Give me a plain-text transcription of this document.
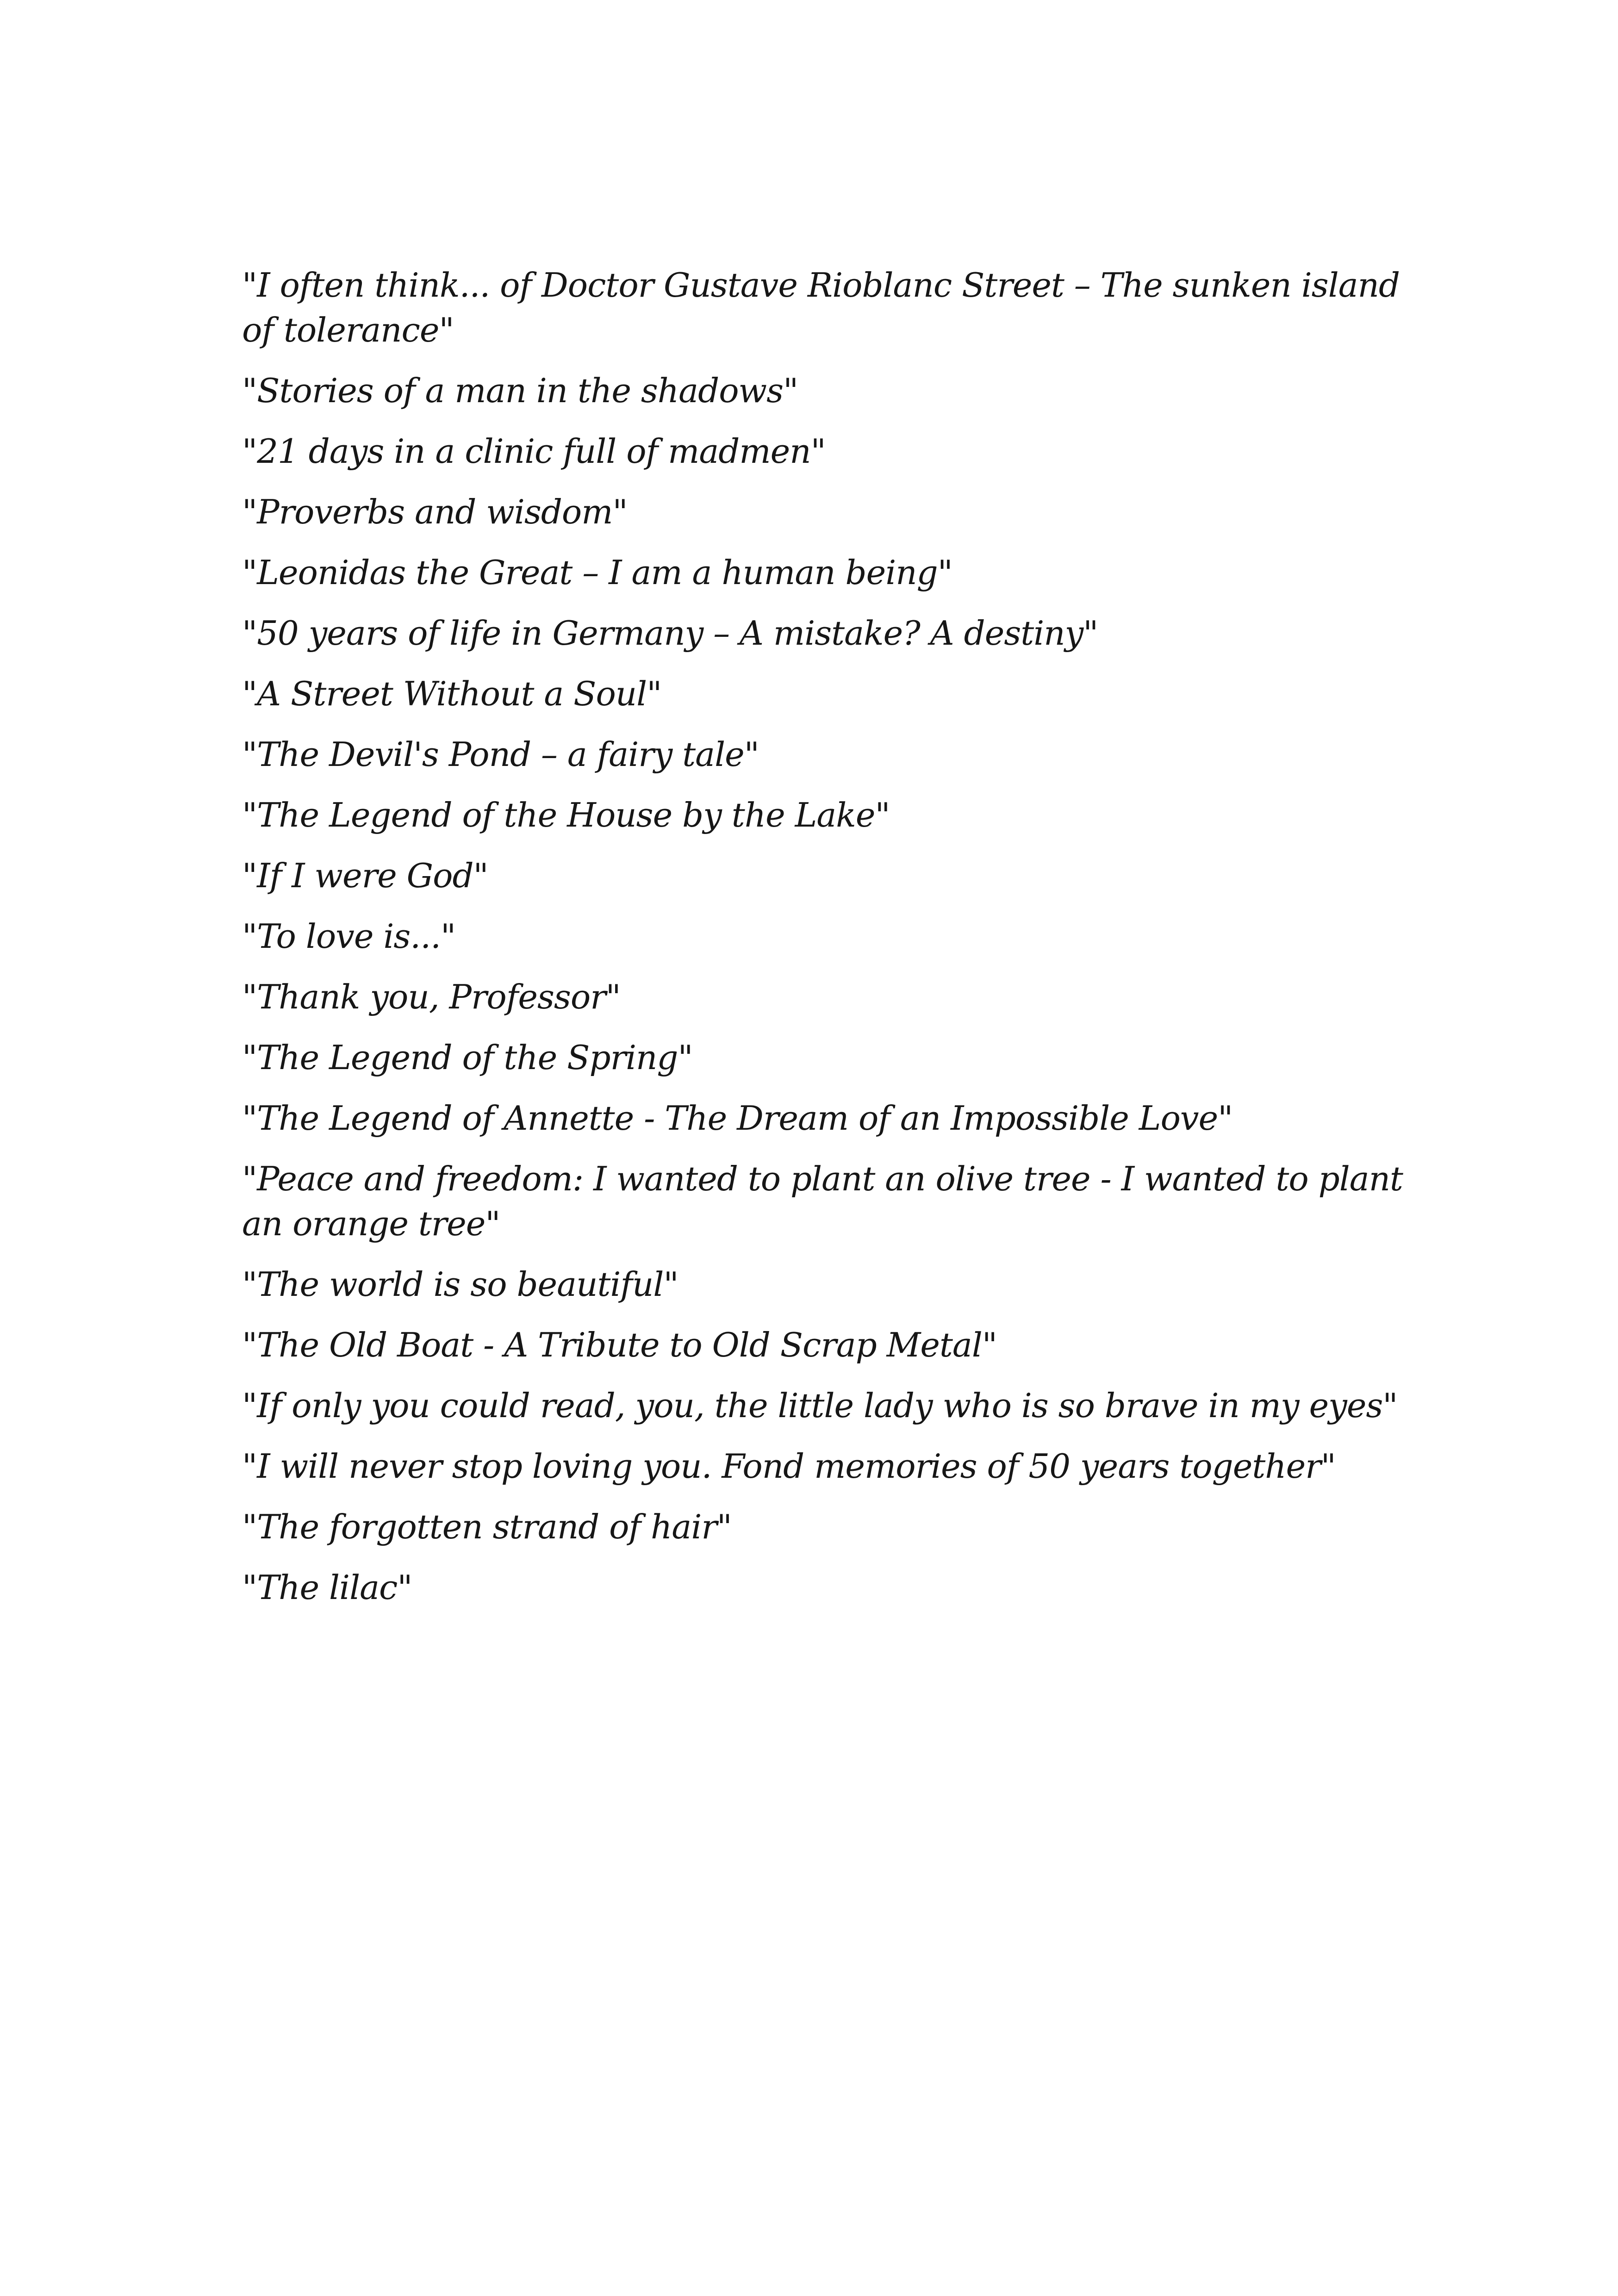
"I often think... of Doctor Gustave Rioblanc Street – The sunken island of tolerance"
"Stories of a man in the shadows"
"21 days in a clinic full of madmen"
"Proverbs and wisdom"
"Leonidas the Great – I am a human being"
"50 years of life in Germany – A mistake? A destiny"
"A Street Without a Soul"
"The Devil's Pond – a fairy tale"
"The Legend of the House by the Lake"
"If I were God"
"To love is..."
"Thank you, Professor"
"The Legend of the Spring"
"The Legend of Annette - The Dream of an Impossible Love"
"Peace and freedom: I wanted to plant an olive tree - I wanted to plant an orange tree"
"The world is so beautiful"
"The Old Boat - A Tribute to Old Scrap Metal"
"If only you could read, you, the little lady who is so brave in my eyes"
"I will never stop loving you. Fond memories of 50 years together"
"The forgotten strand of hair"
"The lilac"
